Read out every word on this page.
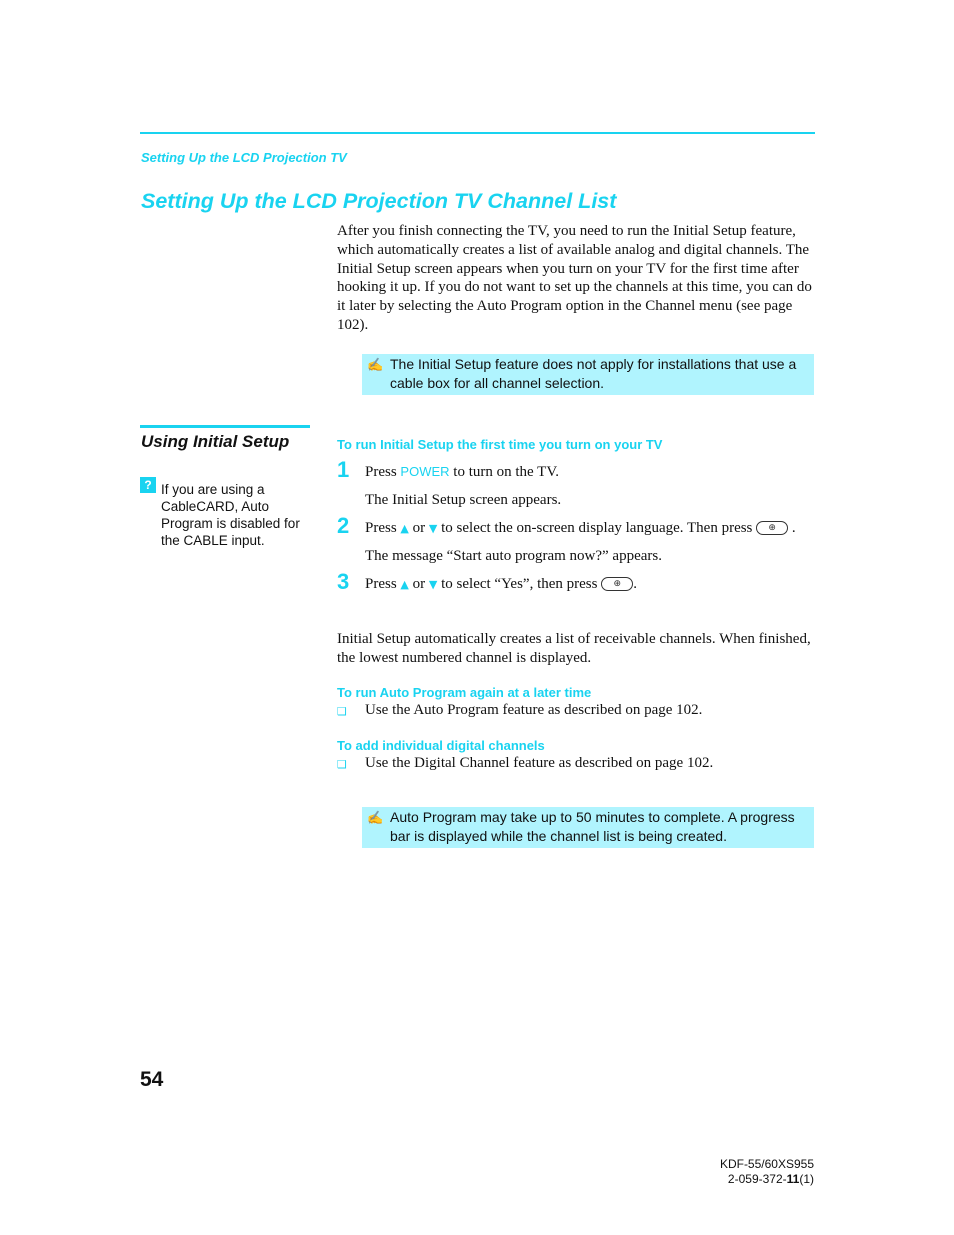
Setting Up the LCD Projection TV
Setting Up the LCD Projection TV Channel List

After you finish connecting the TV, you need to run the Initial Setup feature, which automatically creates a list of available analog and digital channels. The Initial Setup screen appears when you turn on your TV for the first time after hooking it up. If you do not want to set up the channels at this time, you can do it later by selecting the Auto Program option in the Channel menu (see page 102).

✍ The Initial Setup feature does not apply for installations that use a
cable box for all channel selection.
Using Initial Setup
? If you are using a CableCARD, Auto Program is disabled for the CABLE input.
To run Initial Setup the first time you turn on your TV
1 Press POWER to turn on the TV.
The Initial Setup screen appears.
2 Press ▲ or ▼ to select the on-screen display language. Then press ⊕ .
The message “Start auto program now?” appears.
3 Press ▲ or ▼ to select “Yes”, then press ⊕ .

Initial Setup automatically creates a list of receivable channels. When finished, the lowest numbered channel is displayed.

To run Auto Program again at a later time
❑ Use the Auto Program feature as described on page 102.
To add individual digital channels
❑ Use the Digital Channel feature as described on page 102.
✍ Auto Program may take up to 50 minutes to complete. A progress
bar is displayed while the channel list is being created.
54
KDF-55/60XS955
2-059-372-11(1)
